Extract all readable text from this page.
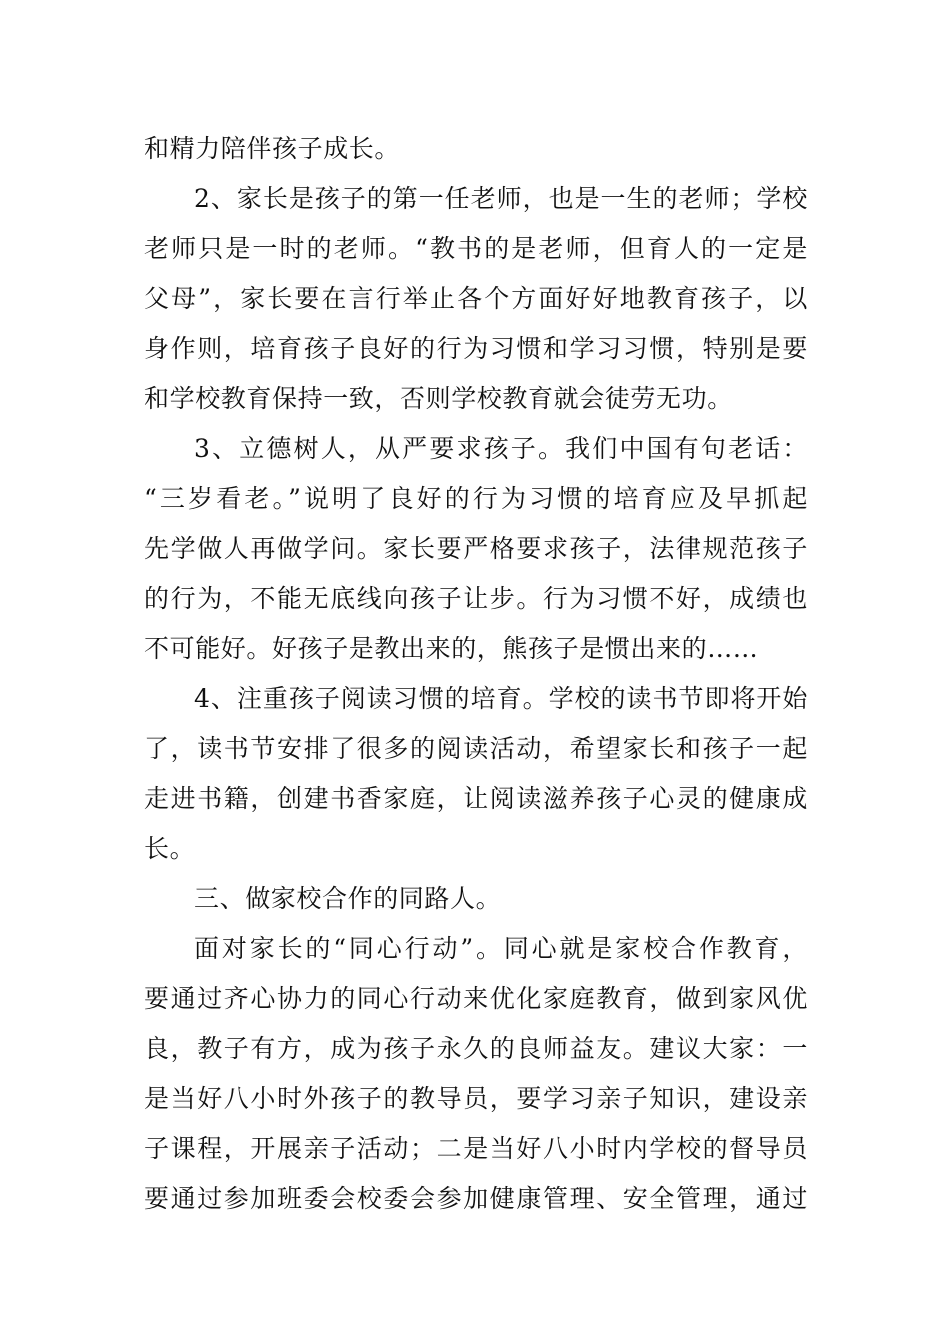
和精力陪伴孩子成长。
2、家长是孩子的第一任老师，也是一生的老师；学校
老师只是一时的老师。“教书的是老师，但育人的一定是
父母”，家长要在言行举止各个方面好好地教育孩子，以
身作则，培育孩子良好的行为习惯和学习习惯，特别是要
和学校教育保持一致，否则学校教育就会徒劳无功。
3、立德树人，从严要求孩子。我们中国有句老话：
“三岁看老。”说明了良好的行为习惯的培育应及早抓起
先学做人再做学问。家长要严格要求孩子，法律规范孩子
的行为，不能无底线向孩子让步。行为习惯不好，成绩也
不可能好。好孩子是教出来的，熊孩子是惯出来的……
4、注重孩子阅读习惯的培育。学校的读书节即将开始
了，读书节安排了很多的阅读活动，希望家长和孩子一起
走进书籍，创建书香家庭，让阅读滋养孩子心灵的健康成
长。
三、做家校合作的同路人。
面对家长的“同心行动”。同心就是家校合作教育，
要通过齐心协力的同心行动来优化家庭教育，做到家风优
良，教子有方，成为孩子永久的良师益友。建议大家：一
是当好八小时外孩子的教导员，要学习亲子知识，建设亲
子课程，开展亲子活动；二是当好八小时内学校的督导员
要通过参加班委会校委会参加健康管理、安全管理，通过
